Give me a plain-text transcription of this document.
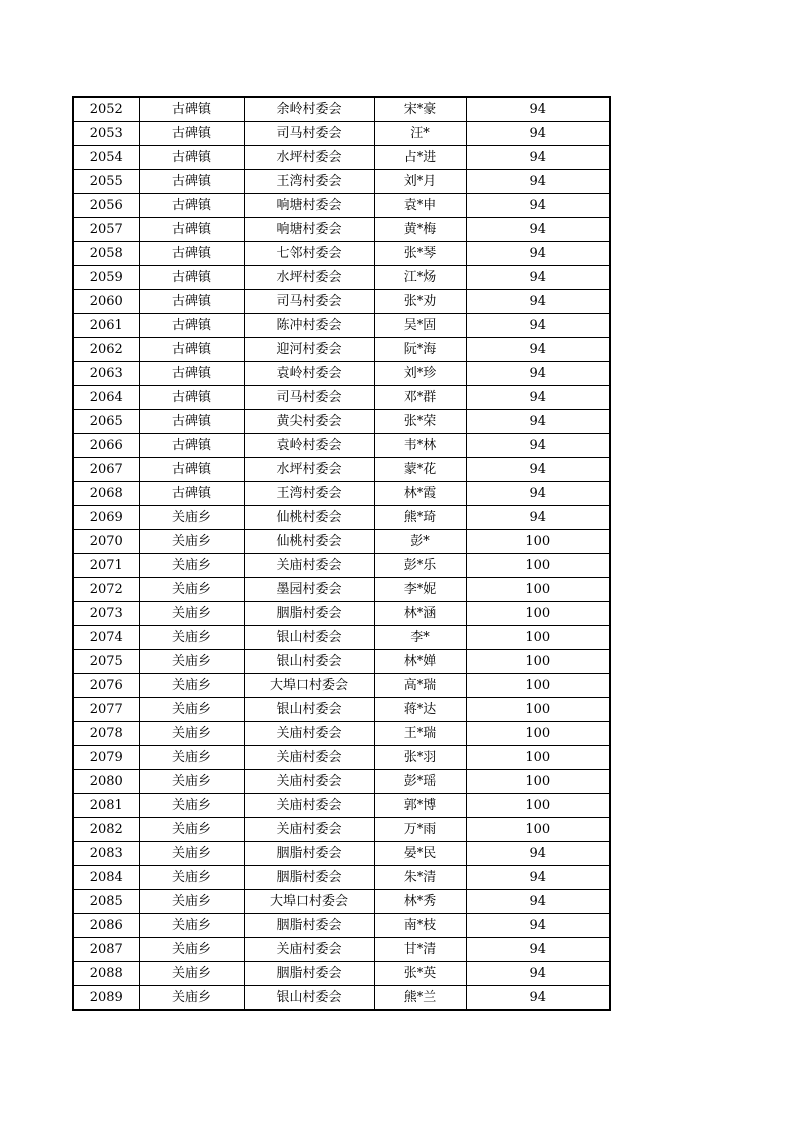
2052	古碑镇	余岭村委会	宋*豪	94
2053	古碑镇	司马村委会	汪*	94
2054	古碑镇	水坪村委会	占*进	94
2055	古碑镇	王湾村委会	刘*月	94
2056	古碑镇	响塘村委会	袁*申	94
2057	古碑镇	响塘村委会	黄*梅	94
2058	古碑镇	七邻村委会	张*琴	94
2059	古碑镇	水坪村委会	江*炀	94
2060	古碑镇	司马村委会	张*劝	94
2061	古碑镇	陈冲村委会	吴*固	94
2062	古碑镇	迎河村委会	阮*海	94
2063	古碑镇	袁岭村委会	刘*珍	94
2064	古碑镇	司马村委会	邓*群	94
2065	古碑镇	黄尖村委会	张*荣	94
2066	古碑镇	袁岭村委会	韦*林	94
2067	古碑镇	水坪村委会	蒙*花	94
2068	古碑镇	王湾村委会	林*霞	94
2069	关庙乡	仙桃村委会	熊*琦	94
2070	关庙乡	仙桃村委会	彭*	100
2071	关庙乡	关庙村委会	彭*乐	100
2072	关庙乡	墨园村委会	李*妮	100
2073	关庙乡	胭脂村委会	林*涵	100
2074	关庙乡	银山村委会	李*	100
2075	关庙乡	银山村委会	林*婵	100
2076	关庙乡	大埠口村委会	高*瑞	100
2077	关庙乡	银山村委会	蒋*达	100
2078	关庙乡	关庙村委会	王*瑞	100
2079	关庙乡	关庙村委会	张*羽	100
2080	关庙乡	关庙村委会	彭*瑶	100
2081	关庙乡	关庙村委会	郭*博	100
2082	关庙乡	关庙村委会	万*雨	100
2083	关庙乡	胭脂村委会	晏*民	94
2084	关庙乡	胭脂村委会	朱*清	94
2085	关庙乡	大埠口村委会	林*秀	94
2086	关庙乡	胭脂村委会	南*枝	94
2087	关庙乡	关庙村委会	甘*清	94
2088	关庙乡	胭脂村委会	张*英	94
2089	关庙乡	银山村委会	熊*兰	94
